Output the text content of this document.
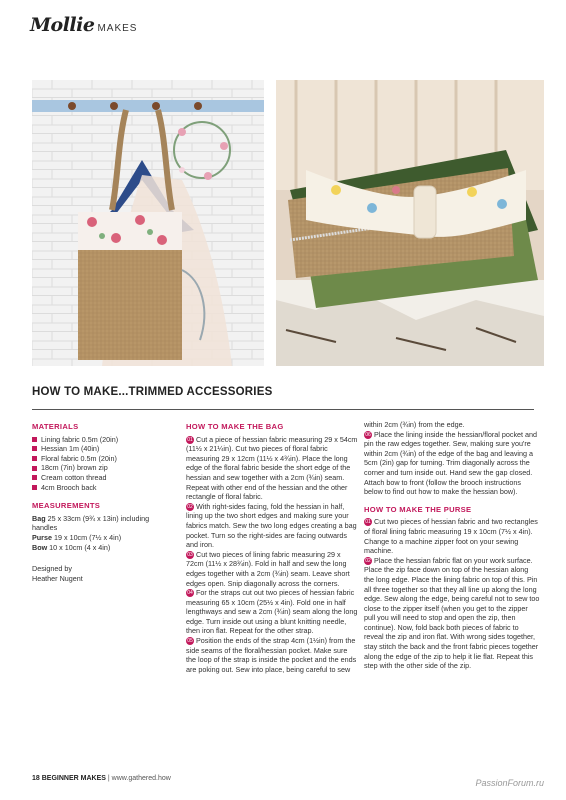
Mollie MAKES
HOW TO MAKE...TRIMMED ACCESSORIES
MATERIALS
Lining fabric 0.5m (20in)
Hessian 1m (40in)
Floral fabric 0.5m (20in)
18cm (7in) brown zip
Cream cotton thread
4cm Brooch back
MEASUREMENTS
Bag 25 x 33cm (9¾ x 13in) including handles
Purse 19 x 10cm (7½ x 4in)
Bow 10 x 10cm (4 x 4in)
Designed by
Heather Nugent
HOW TO MAKE THE BAG

01 Cut a piece of hessian fabric measuring 29 x 54cm (11½ x 21¼in). Cut two pieces of floral fabric measuring 29 x 12cm (11½ x 4¾in). Place the long edge of the floral fabric beside the short edge of the hessian and sew together with a 2cm (¾in) seam. Repeat with other end of the hessian and the other rectangle of floral fabric.

02 With right-sides facing, fold the hessian in half, lining up the two short edges and making sure your fabrics match. Sew the two long edges creating a bag pocket. Turn so the right-sides are facing outwards and iron.

03 Cut two pieces of lining fabric measuring 29 x 72cm (11½ x 28¾in). Fold in half and sew the long edges together with a 2cm (¾in) seam. Leave short edges open. Snip diagonally across the corners.

04 For the straps cut out two pieces of hessian fabric measuring 65 x 10cm (25½ x 4in). Fold one in half lengthways and sew a 2cm (¾in) seam along the long edge. Turn inside out using a blunt knitting needle, then iron flat. Repeat for the other strap.

05 Position the ends of the strap 4cm (1½in) from the side seams of the floral/hessian pocket. Make sure the loop of the strap is inside the pocket and the ends are poking out. Sew into place, being careful to sew

within 2cm (¾in) from the edge.

06 Place the lining inside the hessian/floral pocket and pin the raw edges together. Sew, making sure you're within 2cm (¾in) of the edge of the bag and leaving a 5cm (2in) gap for turning. Trim diagonally across the corner and turn inside out. Hand sew the gap closed. Attach bow to front (follow the brooch instructions below to find out how to make the hessian bow).

HOW TO MAKE THE PURSE

01 Cut two pieces of hessian fabric and two rectangles of floral lining fabric measuring 19 x 10cm (7½ x 4in). Change to a machine zipper foot on your sewing machine.

02 Place the hessian fabric flat on your work surface. Place the zip face down on top of the hessian along the long edge. Place the lining fabric on top of this. Pin all three together so that they all line up along the long edge. Sew along the edge, being careful not to sew too close to the zipper itself (when you get to the zipper pull you will need to stop and open the zip, then continue). Now, fold back both pieces of fabric to reveal the zip and iron flat. With wrong sides together, stay stitch the back and the front fabric pieces together along the edge of the zip to help it lie flat. Repeat this step with the other side of the zip.

18 BEGINNER MAKES | www.gathered.how	PassionForum.ru
